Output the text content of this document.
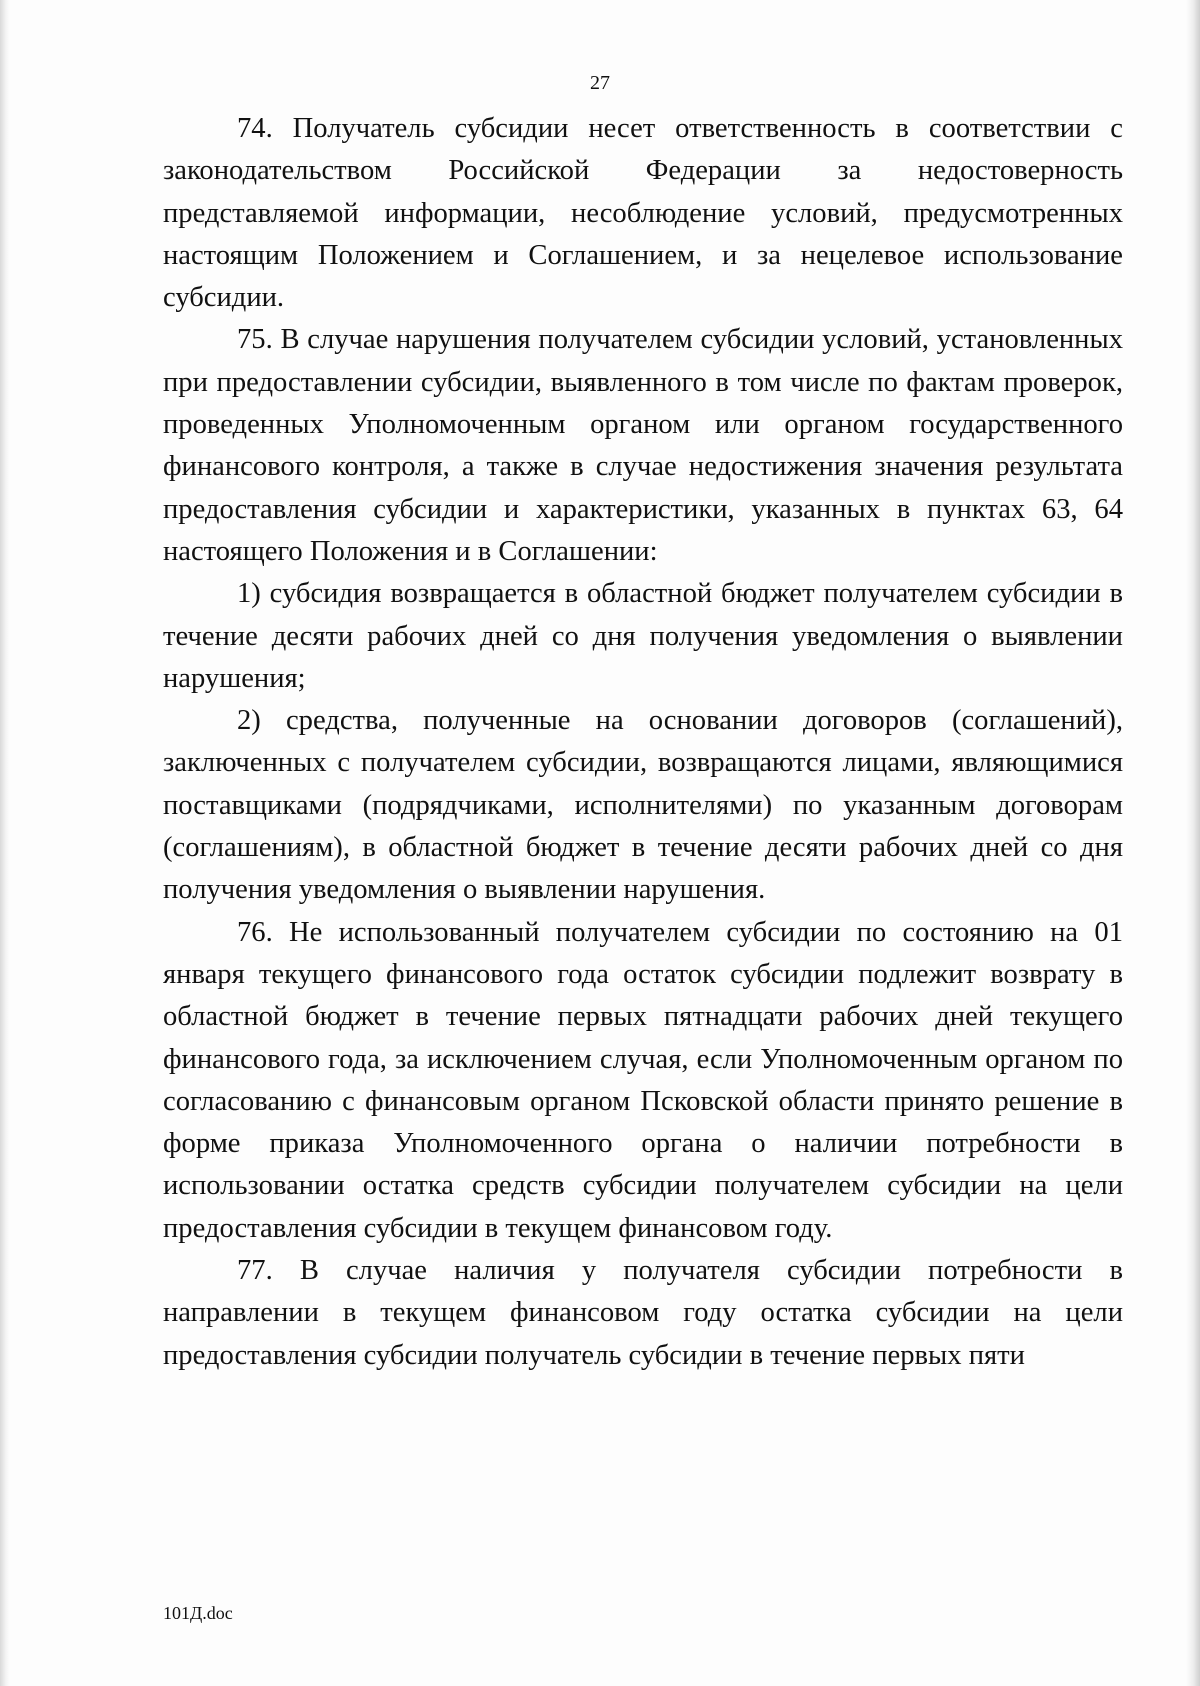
27

74. Получатель субсидии несет ответственность в соответствии с законодательством Российской Федерации за недостоверность представляемой информации, несоблюдение условий, предусмотренных настоящим Положением и Соглашением, и за нецелевое использование субсидии.

75. В случае нарушения получателем субсидии условий, установленных при предоставлении субсидии, выявленного в том числе по фактам проверок, проведенных Уполномоченным органом или органом государственного финансового контроля, а также в случае недостижения значения результата предоставления субсидии и характеристики, указанных в пунктах 63, 64 настоящего Положения и в Соглашении:

1) субсидия возвращается в областной бюджет получателем субсидии в течение десяти рабочих дней со дня получения уведомления о выявлении нарушения;

2) средства, полученные на основании договоров (соглашений), заключенных с получателем субсидии, возвращаются лицами, являющимися поставщиками (подрядчиками, исполнителями) по указанным договорам (соглашениям), в областной бюджет в течение десяти рабочих дней со дня получения уведомления о выявлении нарушения.

76. Не использованный получателем субсидии по состоянию на 01 января текущего финансового года остаток субсидии подлежит возврату в областной бюджет в течение первых пятнадцати рабочих дней текущего финансового года, за исключением случая, если Уполномоченным органом по согласованию с финансовым органом Псковской области принято решение в форме приказа Уполномоченного органа о наличии потребности в использовании остатка средств субсидии получателем субсидии на цели предоставления субсидии в текущем финансовом году.

77. В случае наличия у получателя субсидии потребности в направлении в текущем финансовом году остатка субсидии на цели предоставления субсидии получатель субсидии в течение первых пяти

101Д.doc
